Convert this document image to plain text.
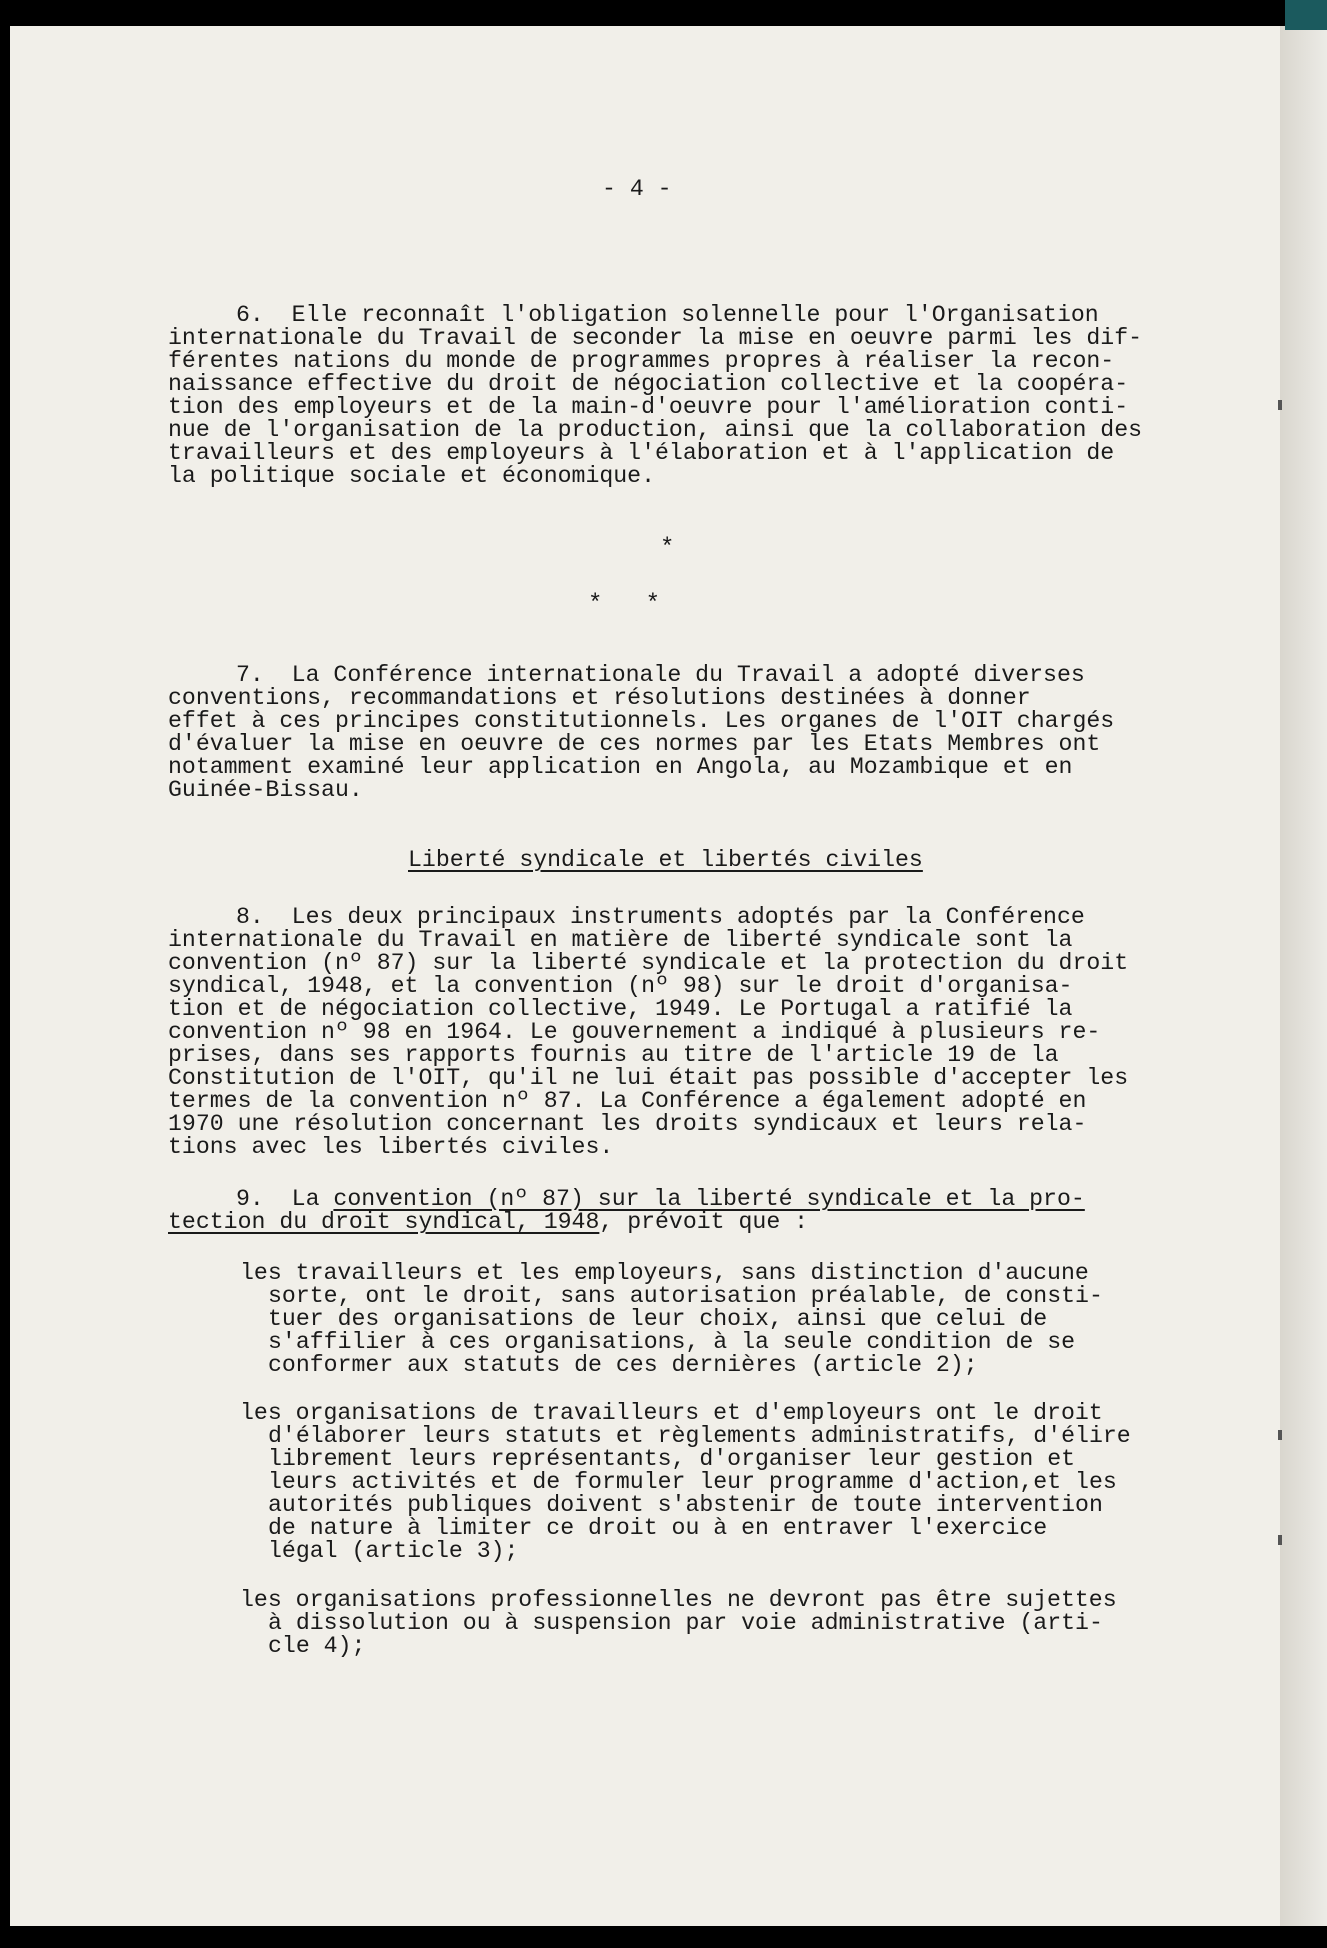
- 4 -
6.  Elle reconnaît l'obligation solennelle pour l'Organisation
internationale du Travail de seconder la mise en oeuvre parmi les dif-
férentes nations du monde de programmes propres à réaliser la recon-
naissance effective du droit de négociation collective et la coopéra-
tion des employeurs et de la main-d'oeuvre pour l'amélioration conti-
nue de l'organisation de la production, ainsi que la collaboration des
travailleurs et des employeurs à l'élaboration et à l'application de
la politique sociale et économique.
*
*   *
7.  La Conférence internationale du Travail a adopté diverses
conventions, recommandations et résolutions destinées à donner
effet à ces principes constitutionnels. Les organes de l'OIT chargés
d'évaluer la mise en oeuvre de ces normes par les Etats Membres ont
notamment examiné leur application en Angola, au Mozambique et en
Guinée-Bissau.
Liberté syndicale et libertés civiles
8.  Les deux principaux instruments adoptés par la Conférence
internationale du Travail en matière de liberté syndicale sont la
convention (nº 87) sur la liberté syndicale et la protection du droit
syndical, 1948, et la convention (nº 98) sur le droit d'organisa-
tion et de négociation collective, 1949. Le Portugal a ratifié la
convention nº 98 en 1964. Le gouvernement a indiqué à plusieurs re-
prises, dans ses rapports fournis au titre de l'article 19 de la
Constitution de l'OIT, qu'il ne lui était pas possible d'accepter les
termes de la convention nº 87. La Conférence a également adopté en
1970 une résolution concernant les droits syndicaux et leurs rela-
tions avec les libertés civiles.
9.  La convention (nº 87) sur la liberté syndicale et la pro-
tection du droit syndical, 1948, prévoit que :
les travailleurs et les employeurs, sans distinction d'aucune
sorte, ont le droit, sans autorisation préalable, de consti-
tuer des organisations de leur choix, ainsi que celui de
s'affilier à ces organisations, à la seule condition de se
conformer aux statuts de ces dernières (article 2);
les organisations de travailleurs et d'employeurs ont le droit
d'élaborer leurs statuts et règlements administratifs, d'élire
librement leurs représentants, d'organiser leur gestion et
leurs activités et de formuler leur programme d'action,et les
autorités publiques doivent s'abstenir de toute intervention
de nature à limiter ce droit ou à en entraver l'exercice
légal (article 3);
les organisations professionnelles ne devront pas être sujettes
à dissolution ou à suspension par voie administrative (arti-
cle 4);
